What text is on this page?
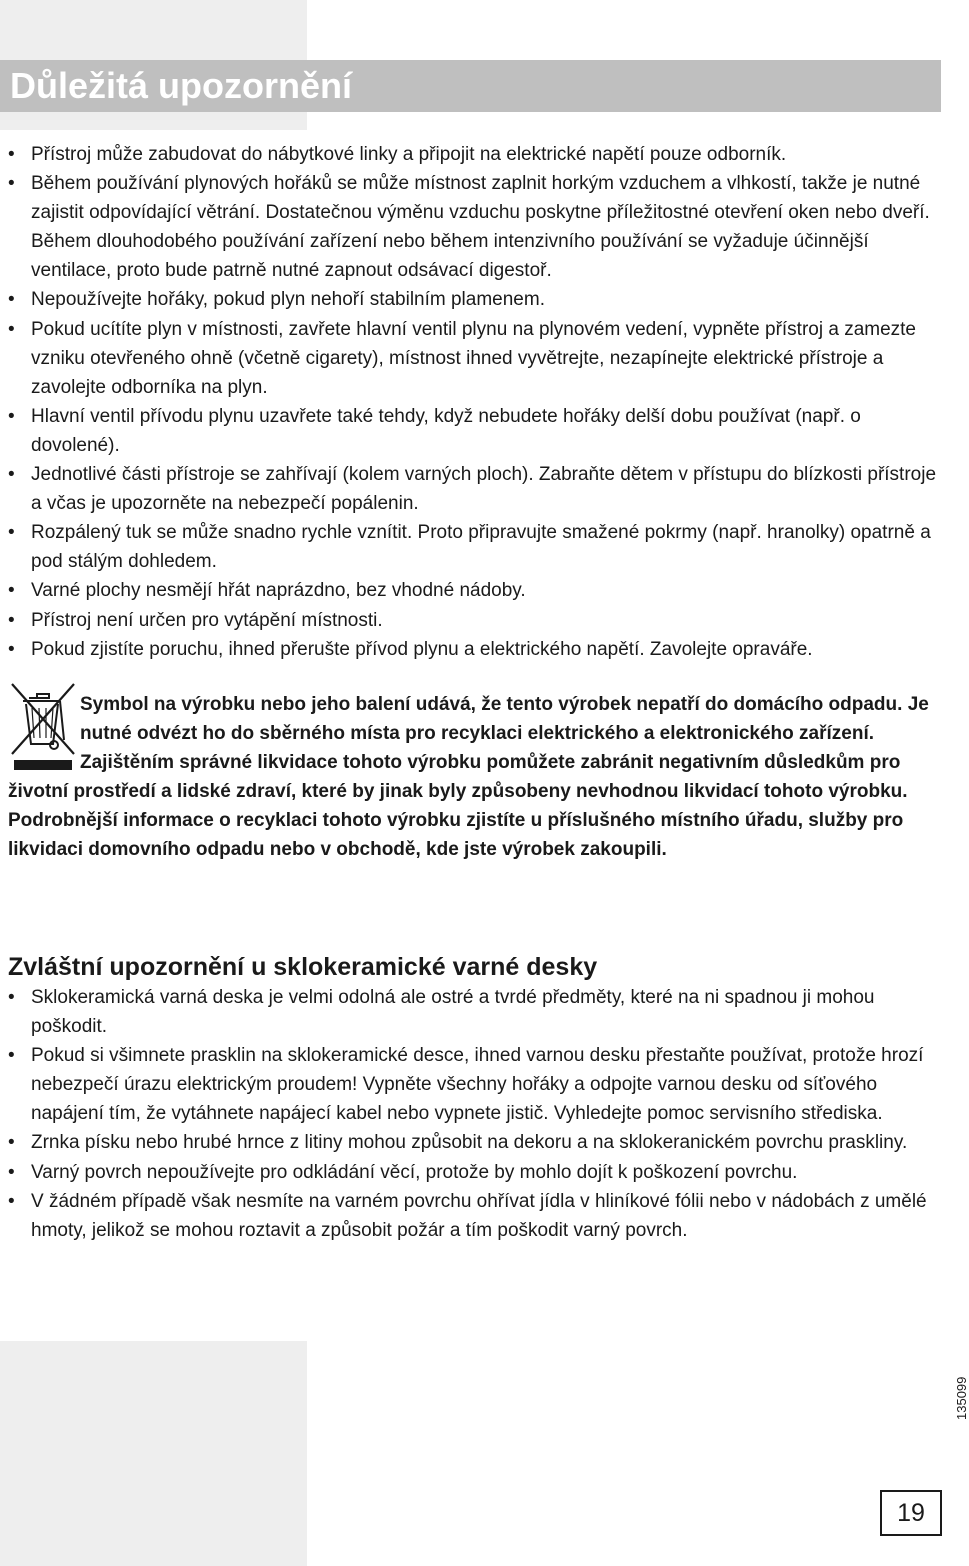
Důležitá upozornění
• Přístroj může zabudovat do nábytkové linky a připojit na elektrické napětí pouze odborník.
• Během používání plynových hořáků se může místnost zaplnit horkým vzduchem a vlhkostí, takže je nutné zajistit odpovídající větrání. Dostatečnou výměnu vzduchu poskytne příležitostné otevření oken nebo dveří. Během dlouhodobého používání zařízení nebo během intenzivního používání se vyžaduje účinnější ventilace, proto bude patrně nutné zapnout odsávací digestoř.
• Nepoužívejte hořáky, pokud plyn nehoří stabilním plamenem.
• Pokud ucítíte plyn v místnosti, zavřete hlavní ventil plynu na plynovém vedení, vypněte přístroj a zamezte vzniku otevřeného ohně (včetně cigarety), místnost ihned vyvětrejte, nezapínejte elektrické přístroje a zavolejte odborníka na plyn.
• Hlavní ventil přívodu plynu uzavřete také tehdy, když nebudete hořáky delší dobu používat (např. o dovolené).
• Jednotlivé části přístroje se zahřívají (kolem varných ploch). Zabraňte dětem v přístupu do blízkosti přístroje a včas je upozorněte na nebezpečí popálenin.
• Rozpálený tuk se může snadno rychle vznítit. Proto připravujte smažené pokrmy (např. hranolky) opatrně a pod stálým dohledem.
• Varné plochy nesmějí hřát naprázdno, bez vhodné nádoby.
• Přístroj není určen pro vytápění místnosti.
• Pokud zjistíte poruchu, ihned přerušte přívod plynu a elektrického napětí. Zavolejte opraváře.

Symbol na výrobku nebo jeho balení udává, že tento výrobek nepatří do domácího odpadu. Je nutné odvézt ho do sběrného místa pro recyklaci elektrického a elektronického zařízení. Zajištěním správné likvidace tohoto výrobku pomůžete zabránit negativním důsledkům pro životní prostředí a lidské zdraví, které by jinak byly způsobeny nevhodnou likvidací tohoto výrobku. Podrobnější informace o recyklaci tohoto výrobku zjistíte u příslušného místního úřadu, služby pro likvidaci domovního odpadu nebo v obchodě, kde jste výrobek zakoupili.

Zvláštní upozornění u sklokeramické varné desky
• Sklokeramická varná deska je velmi odolná ale ostré a tvrdé předměty, které na ni spadnou ji mohou poškodit.
• Pokud si všimnete prasklin na sklokeramické desce, ihned varnou desku přestaňte používat, protože hrozí nebezpečí úrazu elektrickým proudem! Vypněte všechny hořáky a odpojte varnou desku od síťového napájení tím, že vytáhnete napájecí kabel nebo vypnete jistič. Vyhledejte pomoc servisního střediska.
• Zrnka písku nebo hrubé hrnce z litiny mohou způsobit na dekoru a na sklokeranickém povrchu praskliny.
• Varný povrch nepoužívejte pro odkládání věcí, protože by mohlo dojít k poškození povrchu.
• V žádném případě však nesmíte na varném povrchu ohřívat jídla v hliníkové fólii nebo v nádobách z umělé hmoty, jelikož se mohou roztavit a způsobit požár a tím poškodit varný povrch.
135099
19
